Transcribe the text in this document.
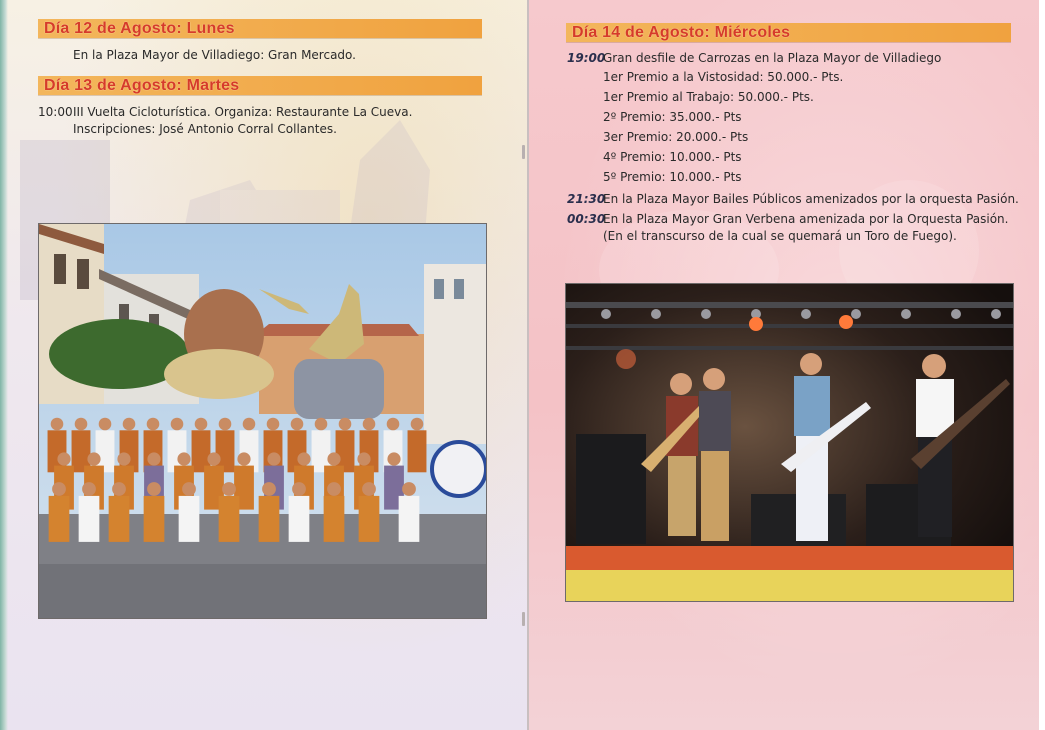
Día 12 de Agosto: Lunes
En la Plaza Mayor de Villadiego: Gran Mercado.
Día 13 de Agosto: Martes
10:00 III Vuelta Cicloturística. Organiza: Restaurante La Cueva.
Inscripciones: José Antonio Corral Collantes.
Día 14 de Agosto: Miércoles
19:00
Gran desfile de Carrozas en la Plaza Mayor de Villadiego
1er Premio a la Vistosidad: 50.000.- Pts.
1er Premio al Trabajo: 50.000.- Pts.
2º Premio: 35.000.- Pts
3er Premio: 20.000.- Pts
4º Premio: 10.000.- Pts
5º Premio: 10.000.- Pts
21:30
En la Plaza Mayor Bailes Públicos amenizados por la orquesta Pasión.
00:30
En la Plaza Mayor Gran Verbena amenizada por la Orquesta Pasión.
(En el transcurso de la cual se quemará un Toro de Fuego).
